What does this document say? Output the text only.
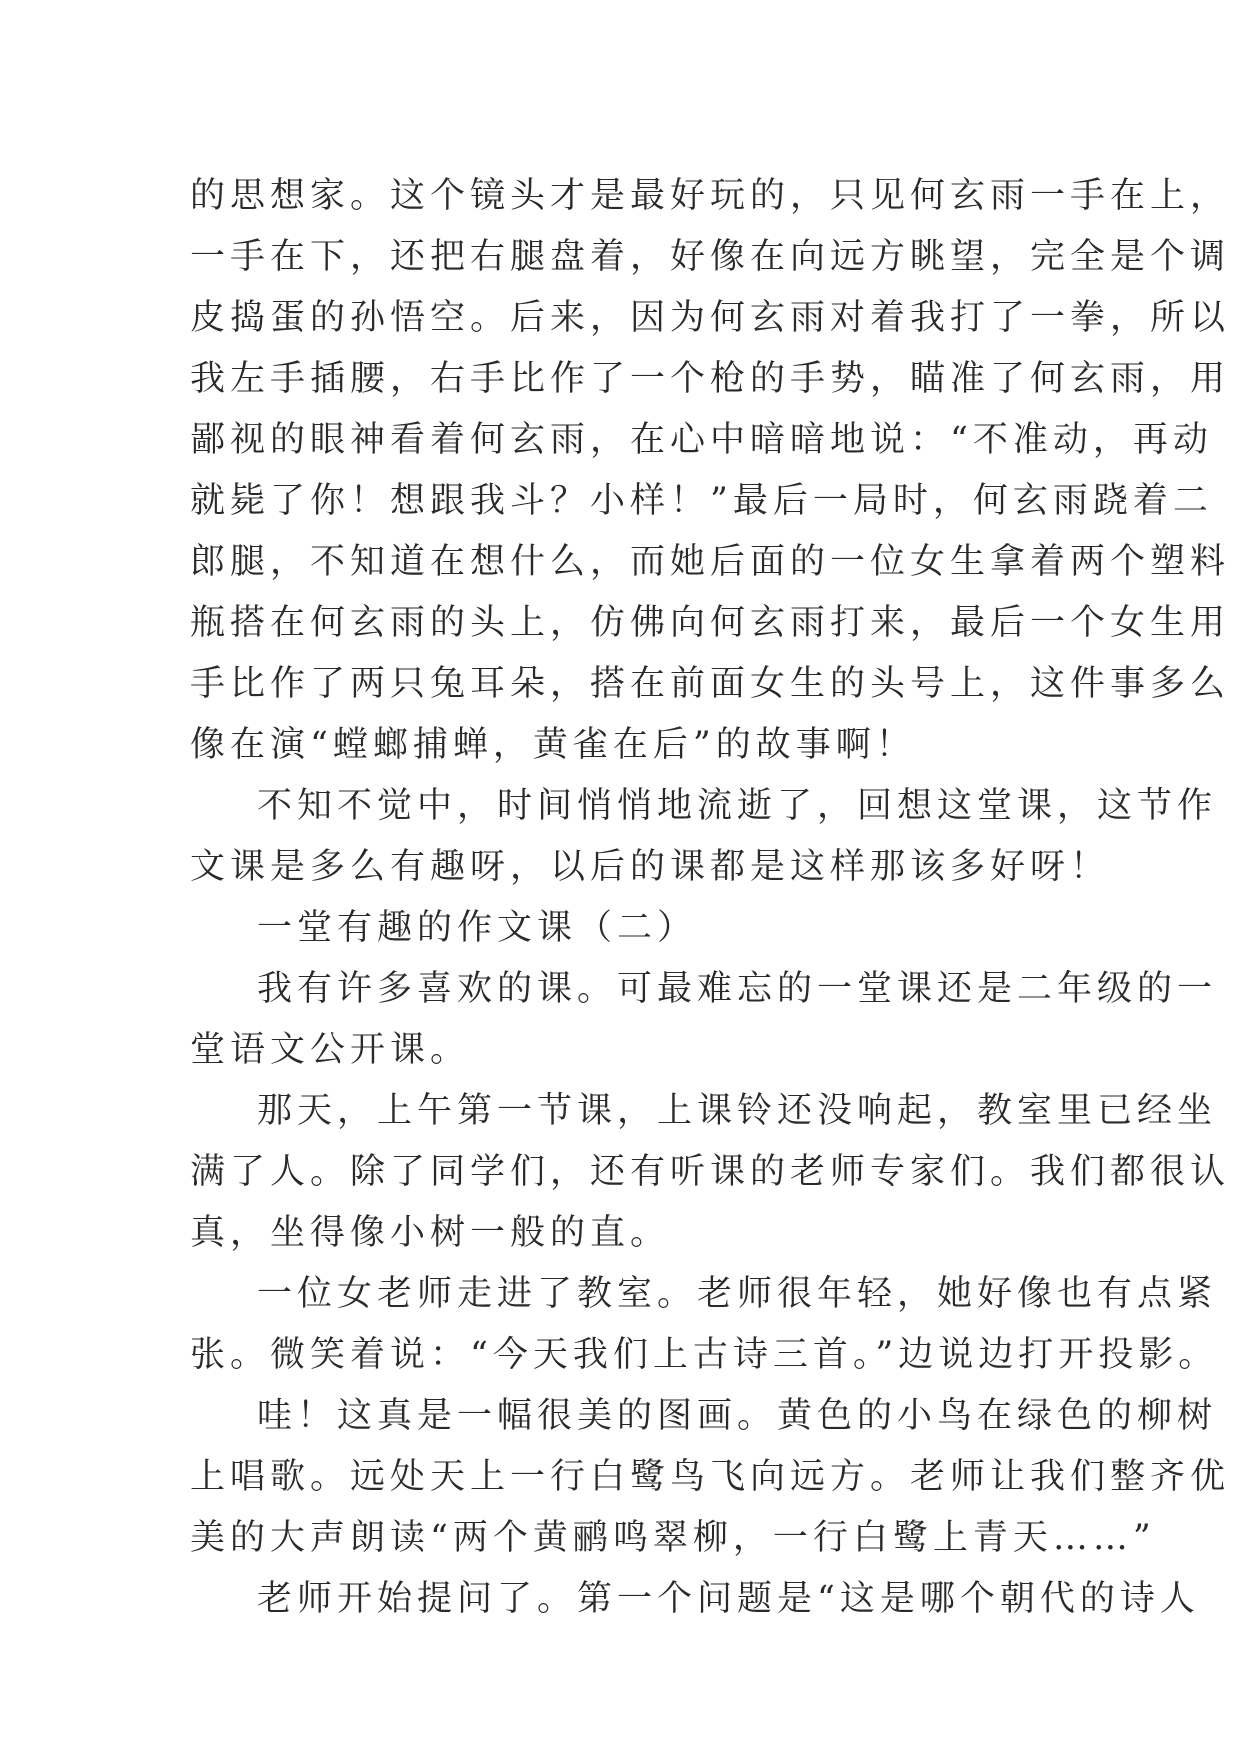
的思想家。这个镜头才是最好玩的，只见何玄雨一手在上，
一手在下，还把右腿盘着，好像在向远方眺望，完全是个调
皮捣蛋的孙悟空。后来，因为何玄雨对着我打了一拳，所以
我左手插腰，右手比作了一个枪的手势，瞄准了何玄雨，用
鄙视的眼神看着何玄雨，在心中暗暗地说：“不准动，再动
就毙了你！想跟我斗？小样！”最后一局时，何玄雨跷着二
郎腿，不知道在想什么，而她后面的一位女生拿着两个塑料
瓶搭在何玄雨的头上，仿佛向何玄雨打来，最后一个女生用
手比作了两只兔耳朵，搭在前面女生的头号上，这件事多么
像在演“螳螂捕蝉，黄雀在后”的故事啊！
不知不觉中，时间悄悄地流逝了，回想这堂课，这节作
文课是多么有趣呀，以后的课都是这样那该多好呀！
一堂有趣的作文课（二）
我有许多喜欢的课。可最难忘的一堂课还是二年级的一
堂语文公开课。
那天，上午第一节课，上课铃还没响起，教室里已经坐
满了人。除了同学们，还有听课的老师专家们。我们都很认
真，坐得像小树一般的直。
一位女老师走进了教室。老师很年轻，她好像也有点紧
张。微笑着说：“今天我们上古诗三首。”边说边打开投影。
哇！这真是一幅很美的图画。黄色的小鸟在绿色的柳树
上唱歌。远处天上一行白鹭鸟飞向远方。老师让我们整齐优
美的大声朗读“两个黄鹂鸣翠柳，一行白鹭上青天……”
老师开始提问了。第一个问题是“这是哪个朝代的诗人
